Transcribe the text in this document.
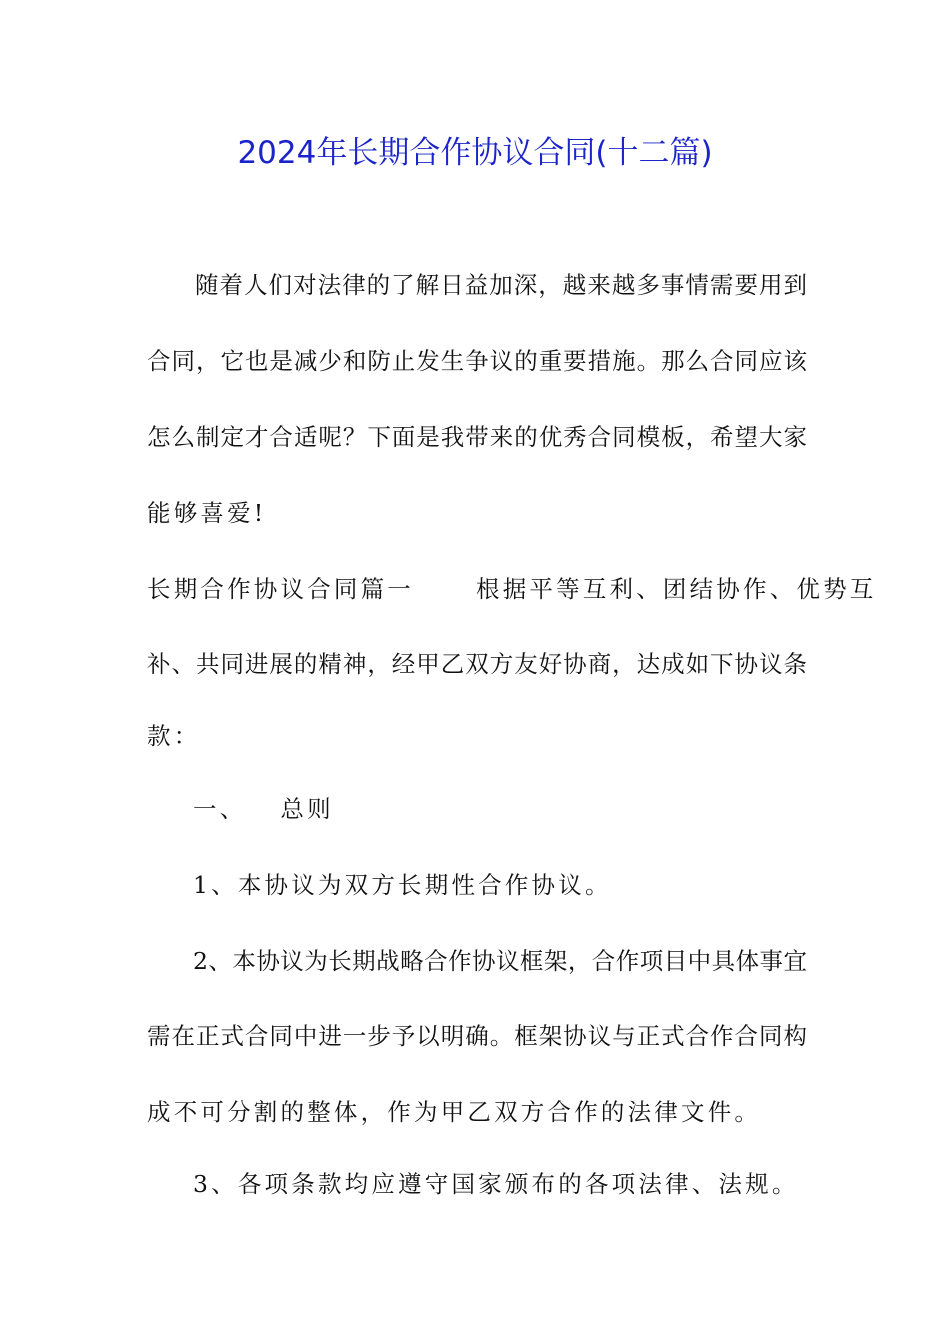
2024年长期合作协议合同(十二篇)
随着人们对法律的了解日益加深，越来越多事情需要用到
合同，它也是减少和防止发生争议的重要措施。那么合同应该
怎么制定才合适呢？下面是我带来的优秀合同模板，希望大家
能够喜爱!
长期合作协议合同篇一	根据平等互利、团结协作、优势互
补、共同进展的精神，经甲乙双方友好协商，达成如下协议条
款：
一、 总则
1、本协议为双方长期性合作协议。
2、本协议为长期战略合作协议框架，合作项目中具体事宜
需在正式合同中进一步予以明确。框架协议与正式合作合同构
成不可分割的整体，作为甲乙双方合作的法律文件。
3、各项条款均应遵守国家颁布的各项法律、法规。
